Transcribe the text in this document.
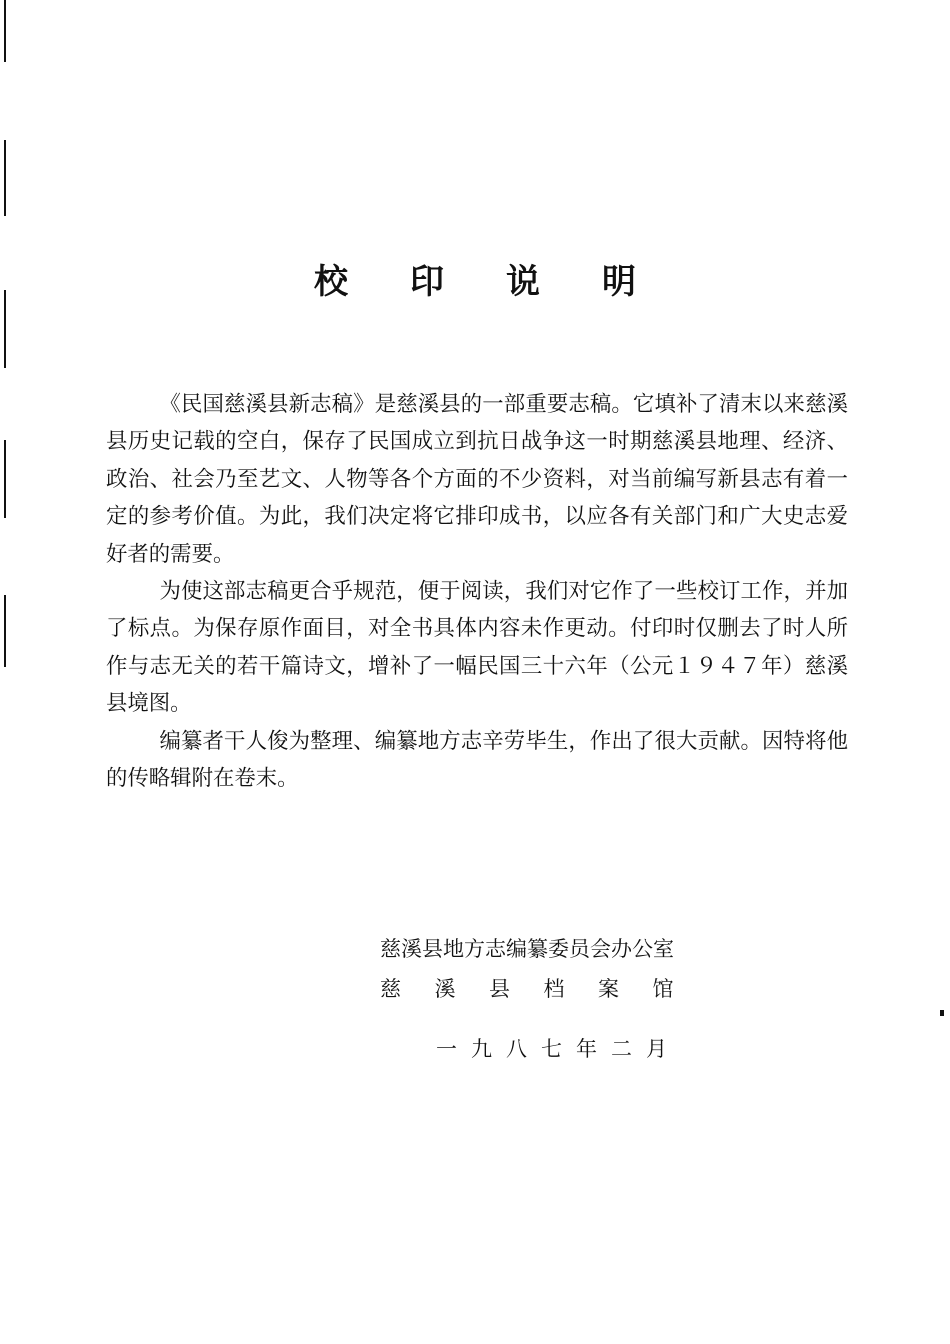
校印说明

《民国慈溪县新志稿》是慈溪县的一部重要志稿。它填补了清末以来慈溪县历史记载的空白，保存了民国成立到抗日战争这一时期慈溪县地理、经济、政治、社会乃至艺文、人物等各个方面的不少资料，对当前编写新县志有着一定的参考价值。为此，我们决定将它排印成书，以应各有关部门和广大史志爱好者的需要。

为使这部志稿更合乎规范，便于阅读，我们对它作了一些校订工作，并加了标点。为保存原作面目，对全书具体内容未作更动。付印时仅删去了时人所作与志无关的若干篇诗文，增补了一幅民国三十六年（公元１９４７年）慈溪县境图。

编纂者干人俊为整理、编纂地方志辛劳毕生，作出了很大贡献。因特将他的传略辑附在卷末。

慈溪县地方志编纂委员会办公室
慈溪县档案馆
一九八七年二月
